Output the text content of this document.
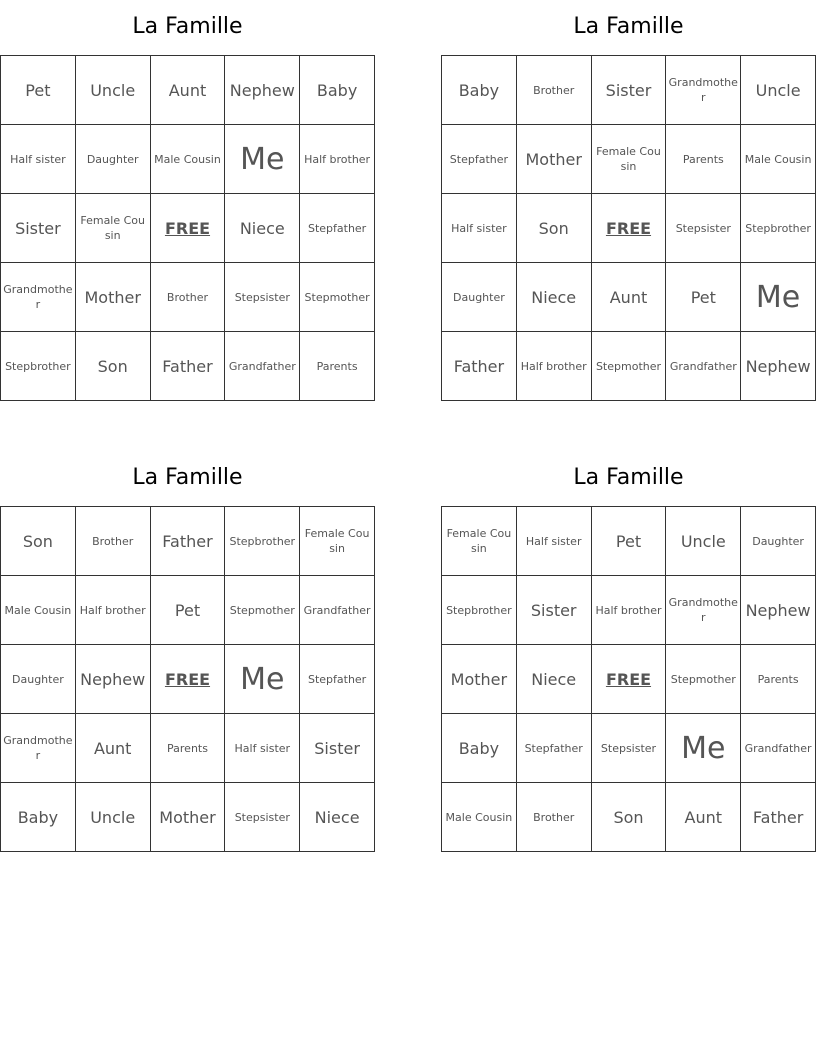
La Famille
Pet	Uncle	Aunt	Nephew	Baby
Half sister	Daughter	Male Cousin	Me	Half brother
Sister	Female Cousin	FREE	Niece	Stepfather
Grandmother	Mother	Brother	Stepsister	Stepmother
Stepbrother	Son	Father	Grandfather	Parents
La Famille
Baby	Brother	Sister	Grandmother	Uncle
Stepfather	Mother	Female Cousin	Parents	Male Cousin
Half sister	Son	FREE	Stepsister	Stepbrother
Daughter	Niece	Aunt	Pet	Me
Father	Half brother	Stepmother	Grandfather	Nephew
La Famille
Son	Brother	Father	Stepbrother	Female Cousin
Male Cousin	Half brother	Pet	Stepmother	Grandfather
Daughter	Nephew	FREE	Me	Stepfather
Grandmother	Aunt	Parents	Half sister	Sister
Baby	Uncle	Mother	Stepsister	Niece
La Famille
Female Cousin	Half sister	Pet	Uncle	Daughter
Stepbrother	Sister	Half brother	Grandmother	Nephew
Mother	Niece	FREE	Stepmother	Parents
Baby	Stepfather	Stepsister	Me	Grandfather
Male Cousin	Brother	Son	Aunt	Father
